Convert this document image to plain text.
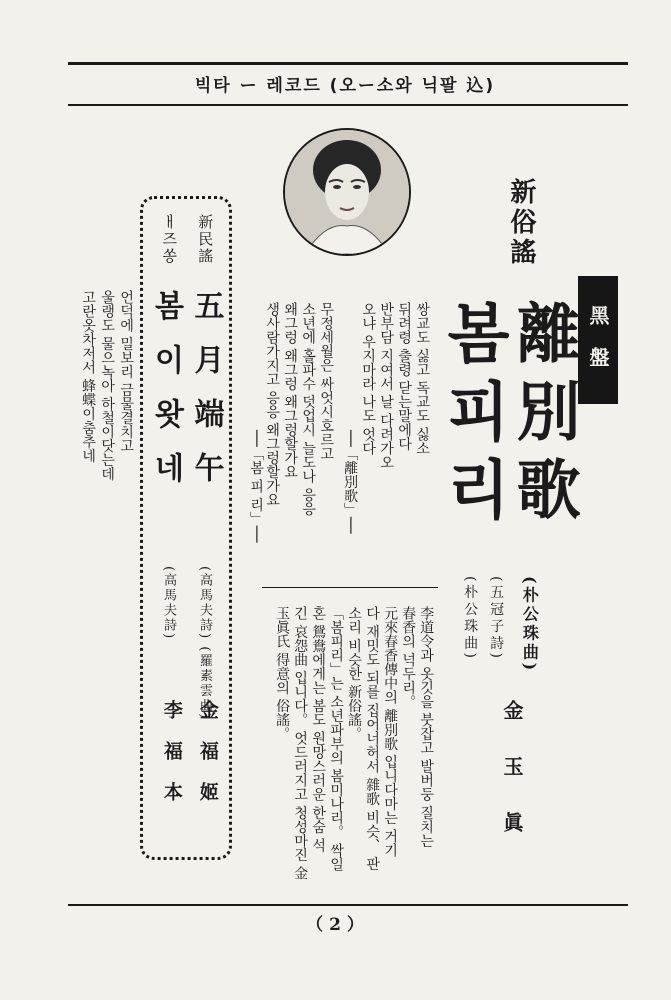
빅타 ー 레코드 (오ー소와 닉팔 込)
黑盤
新俗謠
離別歌
봄피리
(朴公珠曲)
(五冠子詩)
(朴公珠曲)
金玉眞
쌍교도 싫고 독교도 싫소
뒤려령 출령 닫는말에다
반부담 지여서 날 다려가오
오냐 우지마라 나도 엇다
──「離別歌」──
무정세월은 싸엇시호르고
소년에 홀파수 덧업시 늘도나 응응
왜그렁 왜그렁 왜그렁할가요
생사람가지고 응응 왜그렁할가요
──「봄 피 리」──
李道令과 옷깃을 붓잡고 발버둥 질치는
春香의 넉두리。
元來春香傳中의 離別歌 입니다마는 거기
다 재밋도 되를 집어너허서 雜歌 비슷、 판
소리 비슷한 新俗謠。
「봄피리」는 소년파부의 봄미나리。 싹일
혼 鴛鴦에게는 봄도 원망스러운 한숨 석
긴 哀怨曲 입니다。 엇드러지고 청성마진 金
玉眞氏 得意의 俗謠。
新民謠
ㅐ즈쏭
五月端午
봄이왓네
(高馬夫詩) (羅素雲曲)
(高馬夫詩)
金福姬
李福本
언덕에 밀보리 금물결치고
울랭도 물으녹아 하철이닷는데
고란옷차저서 蜂蝶이춤추네
（ 2 ）
